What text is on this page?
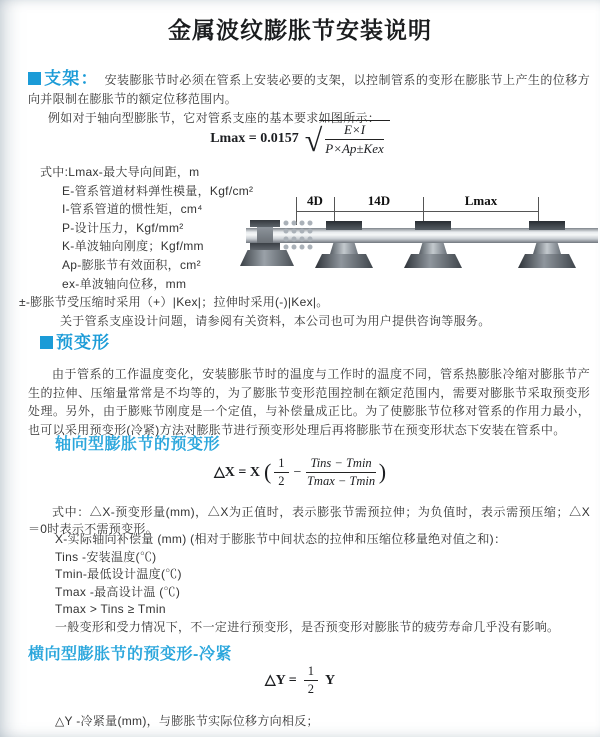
金属波纹膨胀节安装说明

支架： 安装膨胀节时必须在管系上安装必要的支架，以控制管系的变形在膨胀节上产生的位移方向并限制在膨胀节的额定位移范围内。

例如对于轴向型膨胀节，它对管系支座的基本要求如图所示：

Lmax = 0.0157 √
$\frac{E\times I}{\text{P×Ap±Kex}}$
式中:Lmax-最大导向间距，m
E-管系管道材料弹性模量，Kgf/cm²
I-管系管道的惯性矩，cm⁴
P-设计压力，Kgf/mm²
K-单波轴向刚度；Kgf/mm
Ap-膨胀节有效面积，cm²
ex-单波轴向位移，mm
±-膨胀节受压缩时采用（+）|Kex|；拉伸时采用(-)|Kex|。
关于管系支座设计问题，请参阅有关资料，本公司也可为用户提供咨询等服务。
4D	14D	Lmax
预变形

由于管系的工作温度变化，安装膨胀节时的温度与工作时的温度不同，管系热膨胀冷缩对膨胀节产生的拉伸、压缩量常常是不均等的，为了膨胀节变形范围控制在额定范围内，需要对膨胀节采取预变形处理。另外，由于膨账节刚度是一个定值，与补偿量成正比。为了使膨胀节位移对管系的作用力最小，也可以采用预变形(冷紧)方法对膨胀节进行预变形处理后再将膨胀节在预变形状态下安装在管系中。

轴向型膨胀节的预变形
△X = X ( $\frac{1}{2} - \frac{\text{Tins − Tmin}}{Tmax - Tmin}$ )

式中：△X-预变形量(mm)，△X为正值时，表示膨张节需预拉伸；为负值时，表示需预压缩；△X＝0时表示不需预变形。

X-实际轴向补偿量 (mm) (相对于膨胀节中间状态的拉伸和压缩位移量绝对值之和)：
Tins -安装温度(℃)
Tmin-最低设计温度(℃)
Tmax -最高设计温 (℃)
Tmax > Tins ≥ Tmin
一般变形和受力情况下，不一定进行预变形，是否预变形对膨胀节的疲劳寿命几乎没有影响。
横向型膨胀节的预变形-冷紧
△Y = $\frac{1}{2}$ Y

△Y -冷紧量(mm)，与膨胀节实际位移方向相反；
